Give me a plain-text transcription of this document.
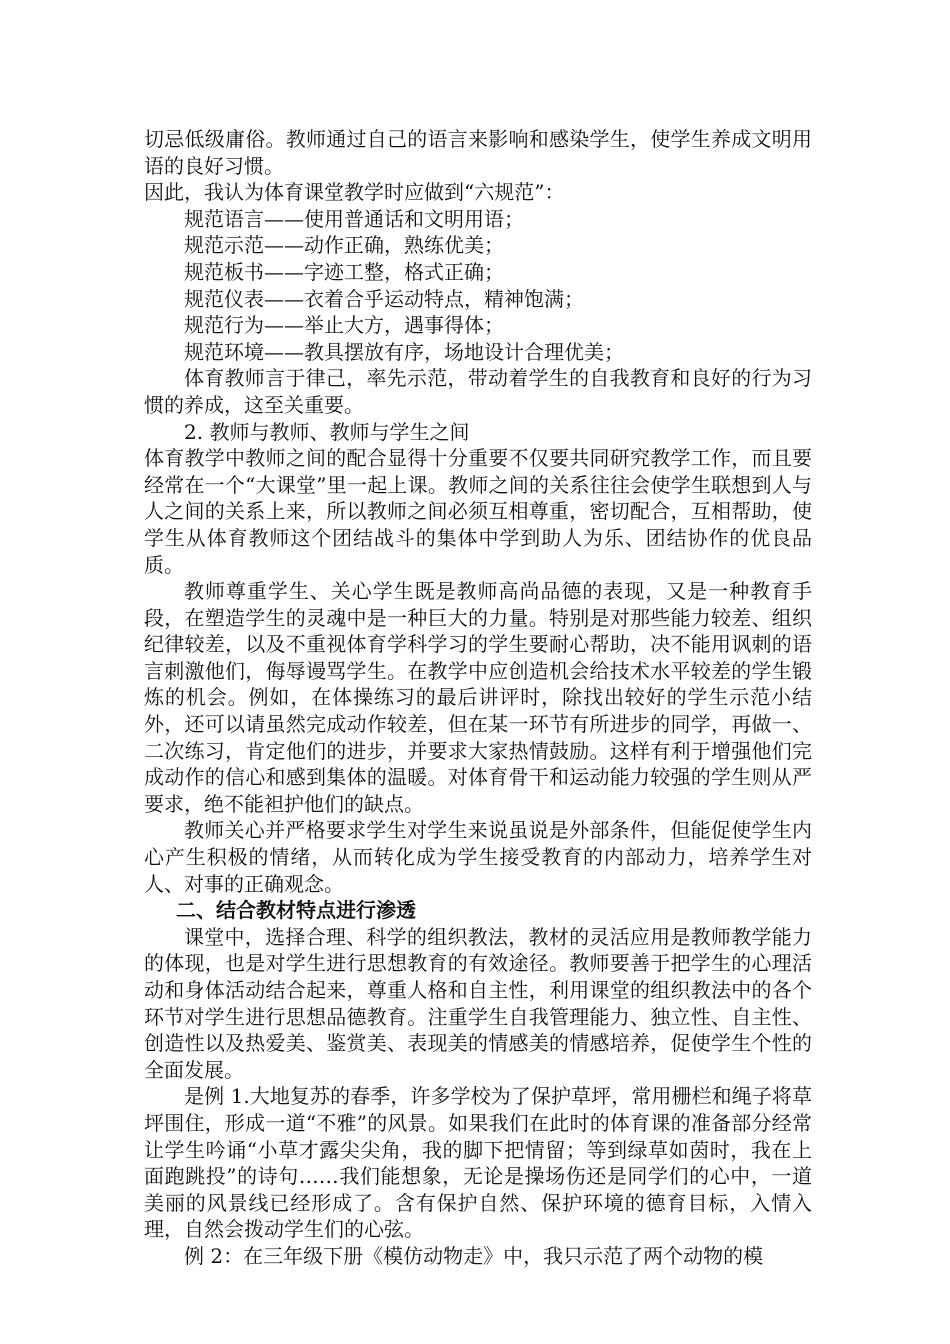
切忌低级庸俗。教师通过自己的语言来影响和感染学生，使学生养成文明用语的良好习惯。

因此，我认为体育课堂教学时应做到“六规范”：

规范语言——使用普通话和文明用语；

规范示范——动作正确，熟练优美；

规范板书——字迹工整，格式正确；

规范仪表——衣着合乎运动特点，精神饱满；

规范行为——举止大方，遇事得体；

规范环境——教具摆放有序，场地设计合理优美；

体育教师言于律己，率先示范，带动着学生的自我教育和良好的行为习惯的养成，这至关重要。

2. 教师与教师、教师与学生之间

体育教学中教师之间的配合显得十分重要不仅要共同研究教学工作，而且要经常在一个“大课堂”里一起上课。教师之间的关系往往会使学生联想到人与人之间的关系上来，所以教师之间必须互相尊重，密切配合，互相帮助，使学生从体育教师这个团结战斗的集体中学到助人为乐、团结协作的优良品质。

教师尊重学生、关心学生既是教师高尚品德的表现，又是一种教育手段，在塑造学生的灵魂中是一种巨大的力量。特别是对那些能力较差、组织纪律较差，以及不重视体育学科学习的学生要耐心帮助，决不能用讽刺的语言刺激他们，侮辱谩骂学生。在教学中应创造机会给技术水平较差的学生锻炼的机会。例如，在体操练习的最后讲评时，除找出较好的学生示范小结外，还可以请虽然完成动作较差，但在某一环节有所进步的同学，再做一、二次练习，肯定他们的进步，并要求大家热情鼓励。这样有利于增强他们完成动作的信心和感到集体的温暖。对体育骨干和运动能力较强的学生则从严要求，绝不能袒护他们的缺点。

教师关心并严格要求学生对学生来说虽说是外部条件，但能促使学生内心产生积极的情绪，从而转化成为学生接受教育的内部动力，培养学生对人、对事的正确观念。

二、结合教材特点进行渗透

课堂中，选择合理、科学的组织教法，教材的灵活应用是教师教学能力的体现，也是对学生进行思想教育的有效途径。教师要善于把学生的心理活动和身体活动结合起来，尊重人格和自主性，利用课堂的组织教法中的各个环节对学生进行思想品德教育。注重学生自我管理能力、独立性、自主性、创造性以及热爱美、鉴赏美、表现美的情感美的情感培养，促使学生个性的全面发展。

是例 1.大地复苏的春季，许多学校为了保护草坪，常用栅栏和绳子将草坪围住，形成一道“不雅”的风景。如果我们在此时的体育课的准备部分经常让学生吟诵“小草才露尖尖角，我的脚下把情留；等到绿草如茵时，我在上面跑跳投”的诗句……我们能想象，无论是操场伤还是同学们的心中，一道美丽的风景线已经形成了。含有保护自然、保护环境的德育目标，入情入理，自然会拨动学生们的心弦。

例 2：在三年级下册《模仿动物走》中，我只示范了两个动物的模
